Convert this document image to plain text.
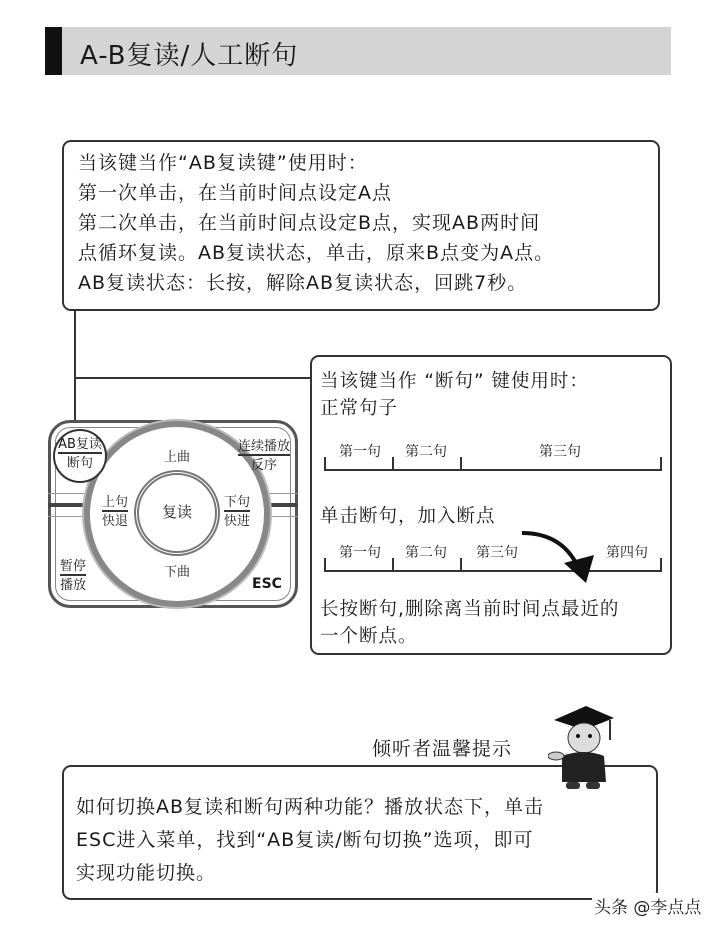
A-B复读/人工断句
当该键当作“AB复读键”使用时：
第一次单击，在当前时间点设定A点
第二次单击，在当前时间点设定B点，实现AB两时间
点循环复读。AB复读状态，单击，原来B点变为A点。
AB复读状态：长按，解除AB复读状态，回跳7秒。
当该键当作 “断句” 键使用时：
正常句子
第一句	第二句	第三句
单击断句，加入断点
第一句	第二句	第三句	第四句
长按断句,删除离当前时间点最近的
一个断点。
AB复读
断句	上曲
下曲
复读
上句
快退
下句
快进
连续播放
反序
暂停
播放	ESC
如何切换AB复读和断句两种功能？播放状态下，单击
ESC进入菜单，找到“AB复读/断句切换”选项，即可
实现功能切换。
倾听者温馨提示
头条 @李点点
